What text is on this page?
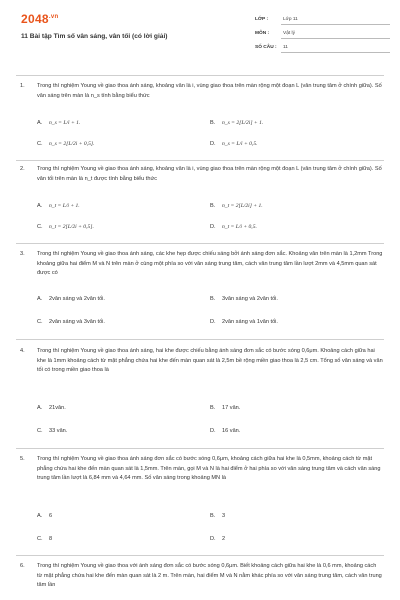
$2048^{.vn}$
11 Bài tập Tìm số vân sáng, vân tối (có lời giải)
LỚP :	Lớp 11
MÔN :	Vật lý
SỐ CÂU : 11
1. Trong thí nghiệm Young về giao thoa ánh sáng, khoảng vân là i, vùng giao thoa trên màn rộng một đoạn L (vân trung tâm ở chính giữa). Số vân sáng trên màn là n_s tính bằng biểu thức
A. n_s = L/i + 1.	B. n_s = 2[L/2i] + 1.
C. n_s = 2[L/2i + 0,5].	D. n_s = L/i + 0,5.
2. Trong thí nghiệm Young về giao thoa ánh sáng, khoảng vân là i, vùng giao thoa trên màn rộng một đoạn L (vân trung tâm ở chính giữa). Số vân tối trên màn là n_t được tính bằng biểu thức
A. n_t = L/i + 1.	B. n_t = 2[L/2i] + 1.
C. n_t = 2[L/2i + 0,5].	D. n_t = L/i + 0,5.
3. Trong thí nghiệm Young về giao thoa ánh sáng, các khe hẹp được chiếu sáng bởi ánh sáng đơn sắc. Khoảng vân trên màn là 1,2mm Trong khoảng giữa hai điểm M và N trên màn ở cùng một phía so với vân sáng trung tâm, cách vân trung tâm lần lượt 2mm và 4,5mm quan sát được có
A. 2vân sáng và 2vân tối.	B. 3vân sáng và 2vân tối.
C. 2vân sáng và 3vân tối.	D. 2vân sáng và 1vân tối.
4. Trong thí nghiệm Young về giao thoa ánh sáng, hai khe được chiếu bằng ánh sáng đơn sắc có bước sóng 0,6μm. Khoảng cách giữa hai khe là 1mm khoảng cách từ mặt phẳng chứa hai khe đến màn quan sát là 2,5m bề rộng miền giao thoa là 2,5 cm. Tổng số vân sáng và vân tối có trong miền giao thoa là
A. 21vân.	B. 17 vân.
C. 33 vân.	D. 16 vân.
5. Trong thí nghiệm Young về giao thoa ánh sáng đơn sắc có bước sóng 0,6μm, khoảng cách giữa hai khe là 0,5mm, khoảng cách từ mặt phẳng chứa hai khe đến màn quan sát là 1,5mm. Trên màn, gọi M và N là hai điểm ở hai phía so với vân sáng trung tâm và cách vân sáng trung tâm lần lượt là 6,84 mm và 4,64 mm. Số vân sáng trong khoảng MN là
A. 6	B. 3
C. 8	D. 2
6. Trong thí nghiệm Young về giao thoa với ánh sáng đơn sắc có bước sóng 0,6μm. Biết khoảng cách giữa hai khe là 0,6 mm, khoảng cách từ mặt phẳng chứa hai khe đến màn quan sát là 2 m. Trên màn, hai điểm M và N nằm khác phía so với vân sáng trung tâm, cách vân trung tâm lần
